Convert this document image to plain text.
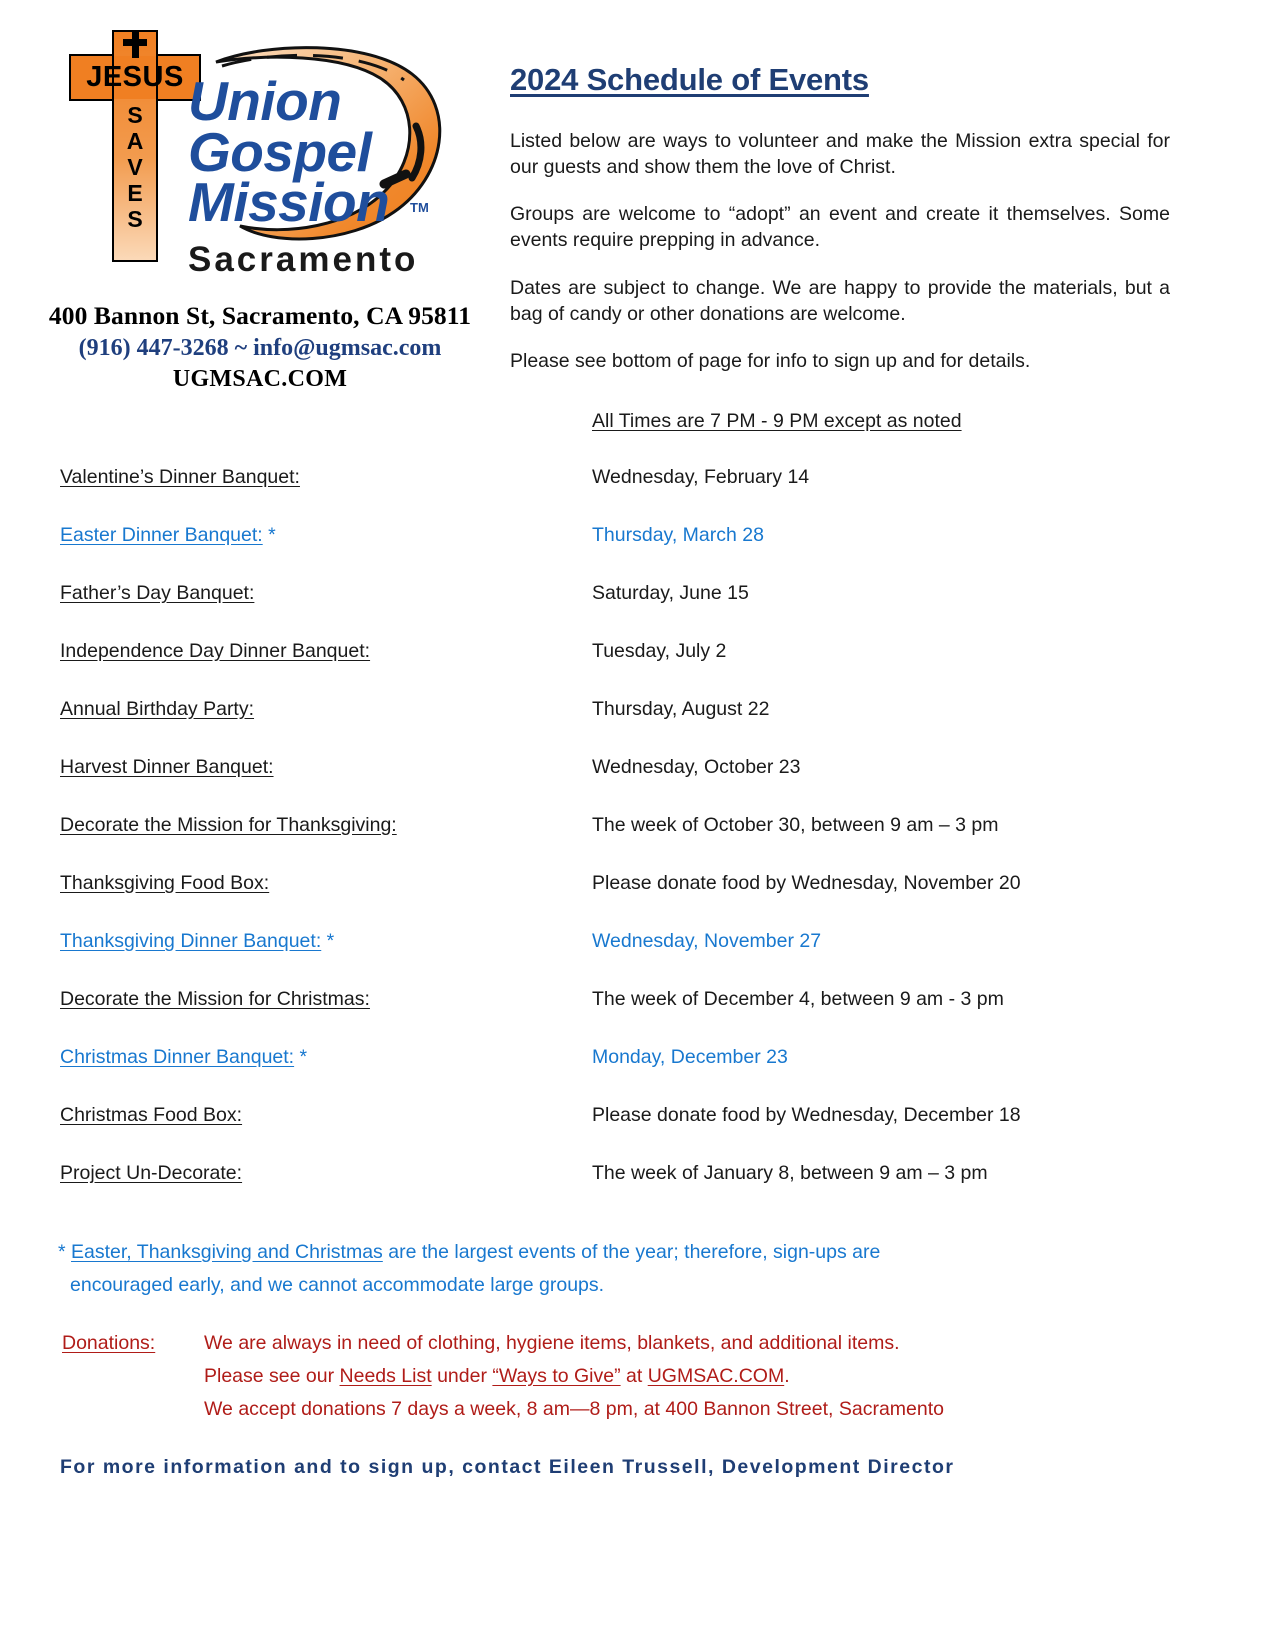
JESUS
S
A
V
E
S
Union
Gospel
Mission TM
Sacramento
400 Bannon St, Sacramento, CA 95811
(916) 447-3268 ~ info@ugmsac.com
UGMSAC.COM
2024 Schedule of Events

Listed below are ways to volunteer and make the Mission extra special for our guests and show them the love of Christ.

Groups are welcome to “adopt” an event and create it themselves. Some events require prepping in advance.

Dates are subject to change. We are happy to provide the materials, but a bag of candy or other donations are welcome.

Please see bottom of page for info to sign up and for details.

All Times are 7 PM - 9 PM except as noted
Valentine’s Dinner Banquet:	Wednesday, February 14
Easter Dinner Banquet: *	Thursday, March 28
Father’s Day Banquet:	Saturday, June 15
Independence Day Dinner Banquet:	Tuesday, July 2
Annual Birthday Party:	Thursday, August 22
Harvest Dinner Banquet:	Wednesday, October 23
Decorate the Mission for Thanksgiving:	The week of October 30, between 9 am – 3 pm
Thanksgiving Food Box:	Please donate food by Wednesday, November 20
Thanksgiving Dinner Banquet: *	Wednesday, November 27
Decorate the Mission for Christmas:	The week of December 4, between 9 am - 3 pm
Christmas Dinner Banquet: *	Monday, December 23
Christmas Food Box:	Please donate food by Wednesday, December 18
Project Un-Decorate:	The week of January 8, between 9 am – 3 pm
* Easter, Thanksgiving and Christmas are the largest events of the year; therefore, sign-ups are
encouraged early, and we cannot accommodate large groups.
Donations:	We are always in need of clothing, hygiene items, blankets, and additional items.
Please see our Needs List under “Ways to Give” at UGMSAC.COM.
We accept donations 7 days a week, 8 am—8 pm, at 400 Bannon Street, Sacramento
For more information and to sign up, contact Eileen Trussell, Development Director
